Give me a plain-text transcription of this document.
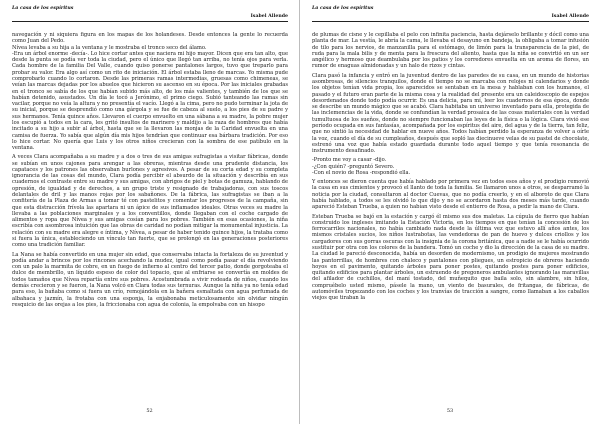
La casa de los espíritus
Isabel Allende

navegación y ni siquiera figura en los mapas de los holandeses. Desde entonces la gente lo recuerda como Juan del Pedo.

Nívea levaba a su hija a la ventana y le mostraba el tronco seco del álamo.

-Era un árbol enorme -decía-. Lo hice cortar antes que naciera mi hijo mayor. Dicen que era tan alto, que desde la punta se podía ver toda la ciudad, pero el único que llegó tan arriba, no tenía ojos para verla. Cada hombre de la familia Del Valle, cuando quiso ponerse pantalones largos, tuvo que treparlo para probar su valor. Era algo así como un rito de iniciación. El árbol estaba lleno de marcas. Yo misma pude comprobarlo cuando lo cortaron. Desde las primeras ramas intermedias, gruesas como chimeneas, se veían las marcas dejadas por los abuelos que hicieron su ascenso en su época. Por las iniciales grabadas en el tronco se sabía de los que habían subido más alto, de los más valientes, y también de los que se habían detenido, asustados. Un día le tocó a Jerónimo, el primo ciego. Subió tanteando las ramas sin vacilar, porque no veía la altura y no presentía el vacío. Llegó a la cima, pero no pudo terminar la jota de su inicial, porque se desprendió como una gárgola y se fue de cabeza al suelo, a los pies de su padre y sus hermanos. Tenía quince años. Llevaron el cuerpo envuelto en una sábana a su madre, la pobre mujer los escupió a todos en la cara, les gritó insultos de marinero y maldijo a la raza de hombres que había incitado a su hijo a subir al árbol, hasta que se la llevaron las monjas de la Caridad envuelta en una camisa de fuerza. Yo sabía que algún día mis hijos tendrían que continuar esa bárbara tradición. Por eso lo hice cortar. No quería que Luis y los otros niños crecieran con la sombra de ese patíbulo en la ventana.

A veces Clara acompañaba a su madre y a dos o tres de sus amigas sufragistas a visitar fábricas, donde se subían en unos cajones para arengar a las obreras, mientras desde una prudente distancia, los capataces y los patrones las observaban burlones y agresivos. A pesar de su corta edad y su completa ignorancia de las cosas del mundo, Clara podía percibir el absurdo de la situación y describía en sus cuadernos el contraste entre su madre y sus amigas, con abrigos de piel y botas de gamuza, hablando de opresión, de igualdad y de derechos, a un grupo triste y resignado de trabajadoras, con sus toscos delantales de dril y las manos rojas por los sabañones. De la fábrica, las sufragistas se iban a la confitería de la Plaza de Armas a tomar té con pastelitos y comentar los progresos de la campaña, sin que esta distracción frívola las apartara ni un ápice de sus inflamados ideales. Otras veces su madre la llevaba a las poblaciones marginales y a los conventillos, donde llegaban con el coche cargado de alimentos y ropa que Nívea y sus amigas cosían para los pobres. También en esas ocasiones, la niña escribía con asombrosa intuición que las obras de caridad no podían mitigar la monumental injusticia. La relación con su madre era alegre e íntima, y Nívea, a pesar de haber tenido quince hijos, la trataba como si fuera la única, estableciendo un vínculo tan fuerte, que se prolongó en las generaciones posteriores como una tradición familiar.

La Nana se había convertido en una mujer sin edad, que conservaba intacta la fortaleza de su juventud y podía andar a brincos por los rincones acechando la mudez, igual como podía pasar el día revolviendo con un palo la marmita de cobre, en un fuego de infierno al centro del tercer patio, donde gorgoteaba el dulce de membrillo, un líquido espeso de color del topacio, que al enfriarse se convertía en moldes de todos tamaños que Nívea repartía entre sus pobres. Acostumbrada a vivir rodeada de niños, cuando los demás crecieron y se fueron, la Nana volcó en Clara todas sus ternuras. Aunque la niña ya no tenía edad para eso, la bañaba como si fuera un crío, remojándola en la bañera esmaltada con agua perfumada de albahaca y jazmín, la frotaba con una esponja, la enjabonaba meticulosamente sin olvidar ningún resquicio de las orejas a los pies, la friccionaba con agua de colonia, la empolvaba con un hisopo

52
La casa de los espíritus
Isabel Allende

de plumas de cisne y le cepillaba el pelo con infinita paciencia, hasta dejárselo brillante y dócil como una planta de mar. La vestía, le abría la cama, le llevaba el desayuno en bandeja, la obligaba a tomar infusión de tilo para los nervios, de manzanilla para el estómago, de limón para la transparencia de la piel, de ruda para la mala bilis y de menta para la frescura del aliento, hasta que la niña se convirtió en un ser angélico y hermoso que deambulaba por los patios y los corredores envuelta en un aroma de flores, un rumor de enaguas almidonadas y un halo de rizos y cintas.

Clara pasó la infancia y entró en la juventud dentro de las paredes de su casa, en un mundo de historias asombrosas, de silencios tranquilos, donde el tiempo no se marcaba con relojes ni calendarios y donde los objetos tenían vida propia, los aparecidos se sentaban en la mesa y hablaban con los humanos, el pasado y el futuro eran parte de la misma cosa y la realidad del presente era un caleidoscopio de espejos desordenados donde todo podía ocurrir. Es una delicia, para mí, leer los cuadernos de esa época, donde se describe un mundo mágico que se acabó. Clara habitaba un universo inventado para ella, protegida de las inclemencias de la vida, donde se confundían la verdad prosaica de las cosas materiales con la verdad tumultuosa de los sueños, donde no siempre funcionaban las leyes de la física o la lógica. Clara vivió ese período ocupada en sus fantasías, acompañada por los espíritus del aire, del agua y de la tierra, tan feliz, que no sintió la necesidad de hablar en nueve años. Todos habían perdido la esperanza de volver a oírle la voz, cuando el día de su cumpleaños, después que sopló las diecinueve velas de su pastel de chocolate, estrenó una voz que había estado guardada durante todo aquel tiempo y que tenía resonancia de instrumento desafinado.

-Pronto me voy a casar -dijo.

-¿Con quién? -preguntó Severo.

-Con el novio de Rosa -respondió ella.

Y entonces se dieron cuenta que había hablado por primera vez en todos esos años y el prodigio removió la casa en sus cimientos y provocó el llanto de toda la familia. Se llamaron unos a otros, se desparramó la noticia por la ciudad, consultaron al doctor Cuevas, que no podía creerlo, y en el alboroto de que Clara había hablado, a todos se les olvidó lo que dijo y no se acordaron hasta dos meses más tarde, cuando apareció Esteban Trueba, a quien no habían visto desde el entierro de Rosa, a pedir la mano de Clara.

Esteban Trueba se bajó en la estación y cargó él mismo sus dos maletas. La cúpula de fierro que habían construido los ingleses imitando la Estación Victoria, en los tiempos en que tenían la concesión de los ferrocarriles nacionales, no había cambiado nada desde la última vez que estuvo allí años antes, los mismos cristales sucios, los niños lustrabotas, las vendedoras de pan de huevo y dulces criollos y los cargadores con sus gorras oscuras con la insignia de la corona británica, que a nadie se le había ocurrido sustituir por otra con los colores de la bandera. Tomó un coche y dio la dirección de la casa de su madre. La ciudad le pareció desconocida, había un desorden de modernismo, un prodigio de mujeres mostrando las pantorrillas, de hombres con chaleco y pantalones con pliegues, un estropicio de obreros haciendo hoyos en el pavimento, quitando árboles para poner postes, quitando postes para poner edificios, quitando edificios para plantar árboles, un estruendo de pregoneros ambulantes ignorando las maravillas del afilador de cuchillos, del maní tostado, del muñequito que baila solo, sin alambre, sin hilos, compruébelo usted mismo, pásele la mano, un viento de basurales, de fritangas, de fábricas, de automóviles tropezando con los coches y los tranvías de tracción a sangre, como llamaban a los caballos viejos que tiraban la

53
